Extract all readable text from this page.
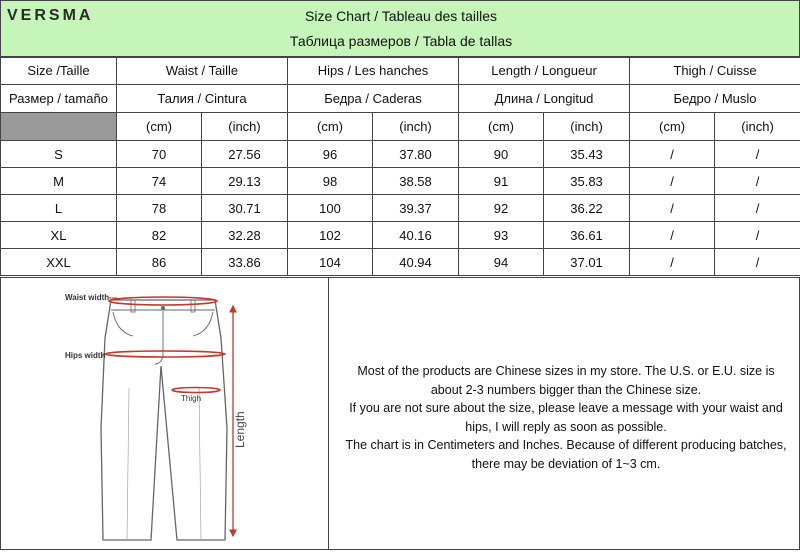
VERSMA	Size Chart / Tableau des tailles
Таблица размеров / Tabla de tallas
Size /Taille	Waist / Taille		Hips / Les hanches		Length / Longueur		Thigh / Cuisse	
Размер / tamaño	Талия / Cintura		Бедра / Caderas		Длина / Longitud		Бедро / Muslo	
	(cm)	(inch)	(cm)	(inch)	(cm)	(inch)	(cm)	(inch)
S	70	27.56	96	37.80	90	35.43	/	/
M	74	29.13	98	38.58	91	35.83	/	/
L	78	30.71	100	39.37	92	36.22	/	/
XL	82	32.28	102	40.16	93	36.61	/	/
XXL	86	33.86	104	40.94	94	37.01	/	/
Waist width
Hips width
Thigh
Length

Most of the products are Chinese sizes in my store. The U.S. or E.U. size is

about 2-3 numbers bigger than the Chinese size.

If you are not sure about the size, please leave a message with your waist and

hips, I will reply as soon as possible.

The chart is in Centimeters and Inches. Because of different producing batches,

there may be deviation of 1~3 cm.
